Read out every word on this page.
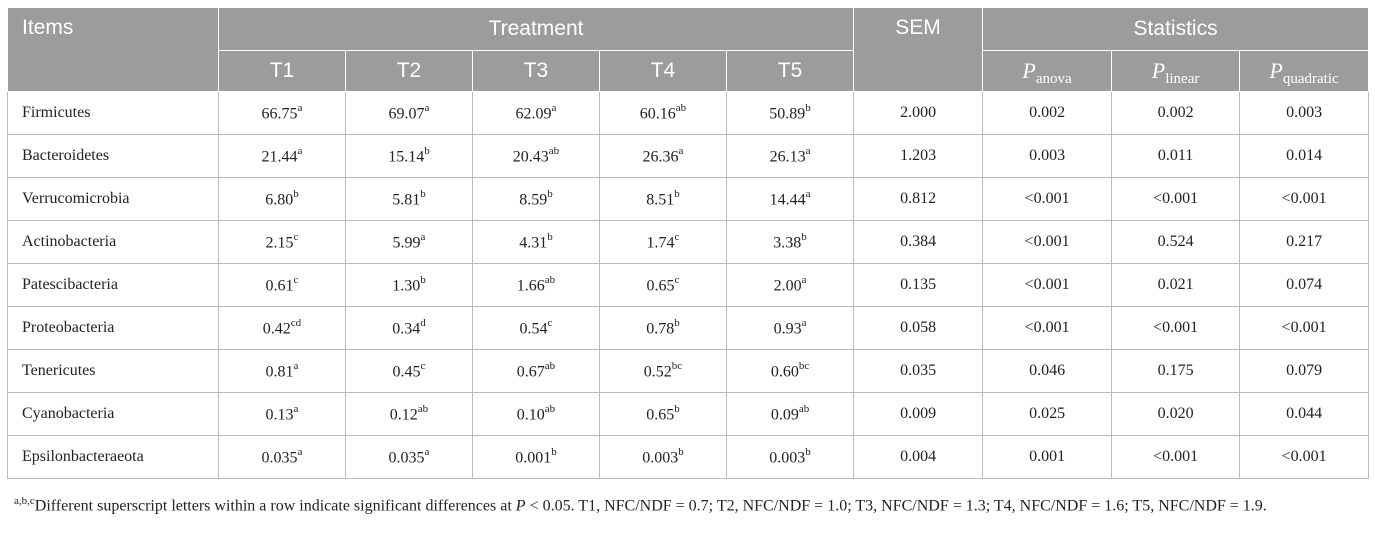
Items	Treatment					SEM	Statistics		
	T1	T2	T3	T4	T5		$P_{anova}$	$P_{linear}$	$P_{quadratic}$
Firmicutes	66.75$^a$	69.07$^a$	62.09$^a$	60.16$^{ab}$	50.89$^b$	2.000	0.002	0.002	0.003
Bacteroidetes	21.44$^a$	15.14$^b$	20.43$^{ab}$	26.36$^a$	26.13$^a$	1.203	0.003	0.011	0.014
Verrucomicrobia	6.80$^b$	5.81$^b$	8.59$^b$	8.51$^b$	14.44$^a$	0.812	<0.001	<0.001	<0.001
Actinobacteria	2.15$^c$	5.99$^a$	4.31$^b$	1.74$^c$	3.38$^b$	0.384	<0.001	0.524	0.217
Patescibacteria	0.61$^c$	1.30$^b$	1.66$^{ab}$	0.65$^c$	2.00$^a$	0.135	<0.001	0.021	0.074
Proteobacteria	0.42$^{cd}$	0.34$^d$	0.54$^c$	0.78$^b$	0.93$^a$	0.058	<0.001	<0.001	<0.001
Tenericutes	0.81$^a$	0.45$^c$	0.67$^{ab}$	0.52$^{bc}$	0.60$^{bc}$	0.035	0.046	0.175	0.079
Cyanobacteria	0.13$^a$	0.12$^{ab}$	0.10$^{ab}$	0.65$^b$	0.09$^{ab}$	0.009	0.025	0.020	0.044
Epsilonbacteraeota	0.035$^a$	0.035$^a$	0.001$^b$	0.003$^b$	0.003$^b$	0.004	0.001	<0.001	<0.001
$^{a,b,c}$Different superscript letters within a row indicate significant differences at P < 0.05. T1, NFC/NDF = 0.7; T2, NFC/NDF = 1.0; T3, NFC/NDF = 1.3; T4, NFC/NDF = 1.6; T5, NFC/NDF = 1.9.
